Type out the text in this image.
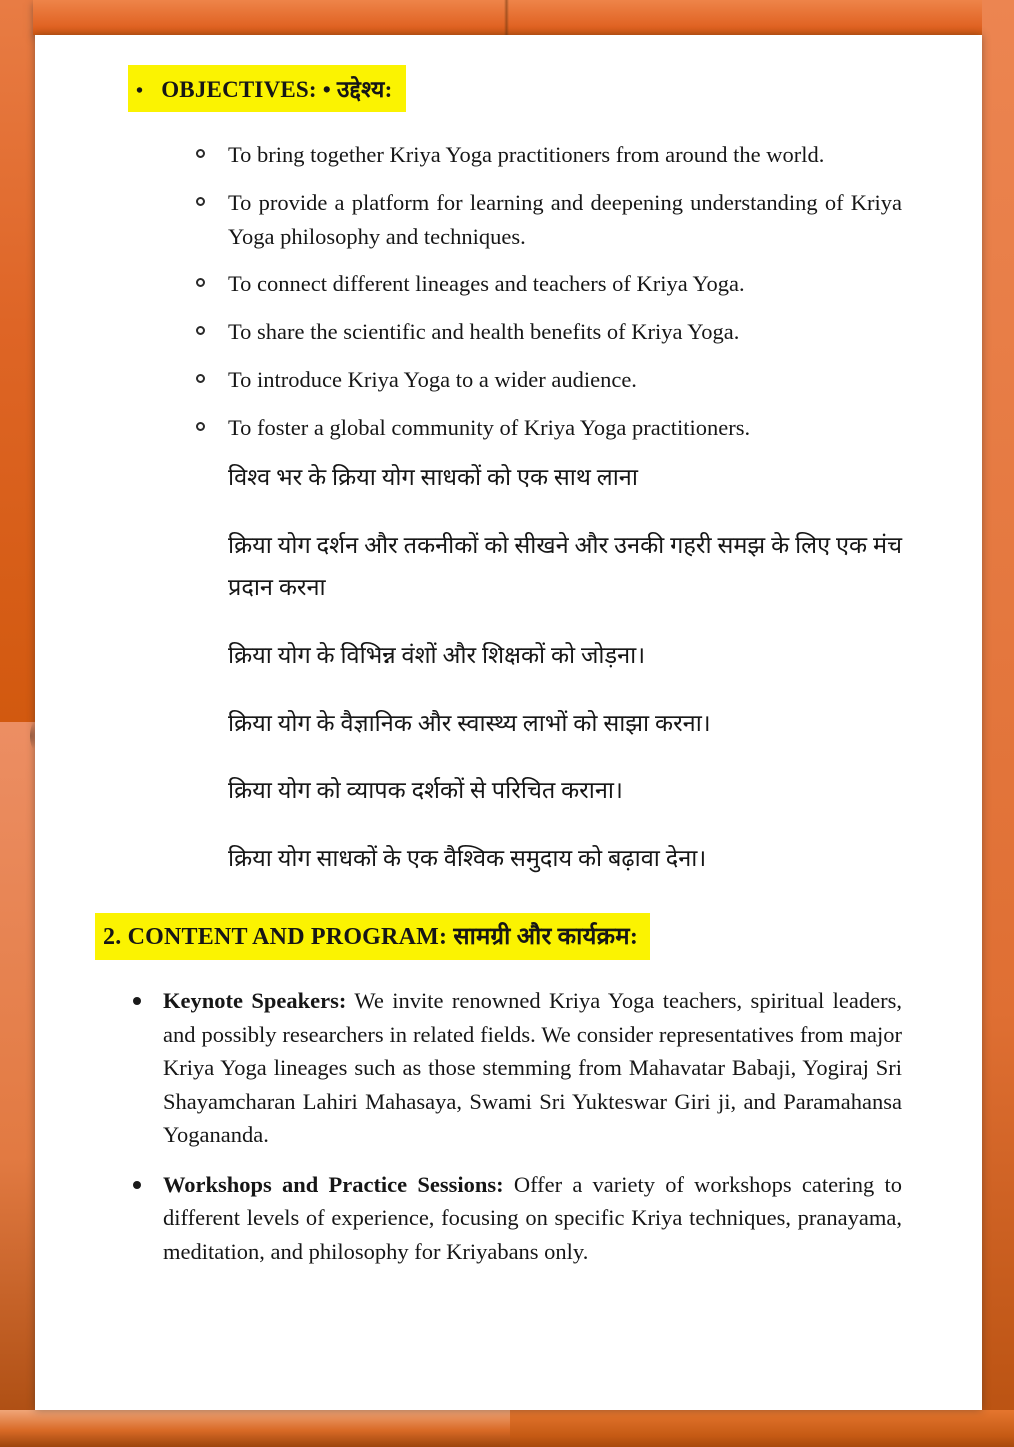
• OBJECTIVES: • उद्देश्य:
To bring together Kriya Yoga practitioners from around the world.
To provide a platform for learning and deepening understanding of Kriya Yoga philosophy and techniques.
To connect different lineages and teachers of Kriya Yoga.
To share the scientific and health benefits of Kriya Yoga.
To introduce Kriya Yoga to a wider audience.
To foster a global community of Kriya Yoga practitioners.

विश्व भर के क्रिया योग साधकों को एक साथ लाना

क्रिया योग दर्शन और तकनीकों को सीखने और उनकी गहरी समझ के लिए एक मंच प्रदान करना

क्रिया योग के विभिन्न वंशों और शिक्षकों को जोड़ना।

क्रिया योग के वैज्ञानिक और स्वास्थ्य लाभों को साझा करना।

क्रिया योग को व्यापक दर्शकों से परिचित कराना।

क्रिया योग साधकों के एक वैश्विक समुदाय को बढ़ावा देना।

2. CONTENT AND PROGRAM: सामग्री और कार्यक्रम:
Keynote Speakers: We invite renowned Kriya Yoga teachers, spiritual leaders, and possibly researchers in related fields. We consider representatives from major Kriya Yoga lineages such as those stemming from Mahavatar Babaji, Yogiraj Sri Shayamcharan Lahiri Mahasaya, Swami Sri Yukteswar Giri ji, and Paramahansa Yogananda.
Workshops and Practice Sessions: Offer a variety of workshops catering to different levels of experience, focusing on specific Kriya techniques, pranayama, meditation, and philosophy for Kriyabans only.
